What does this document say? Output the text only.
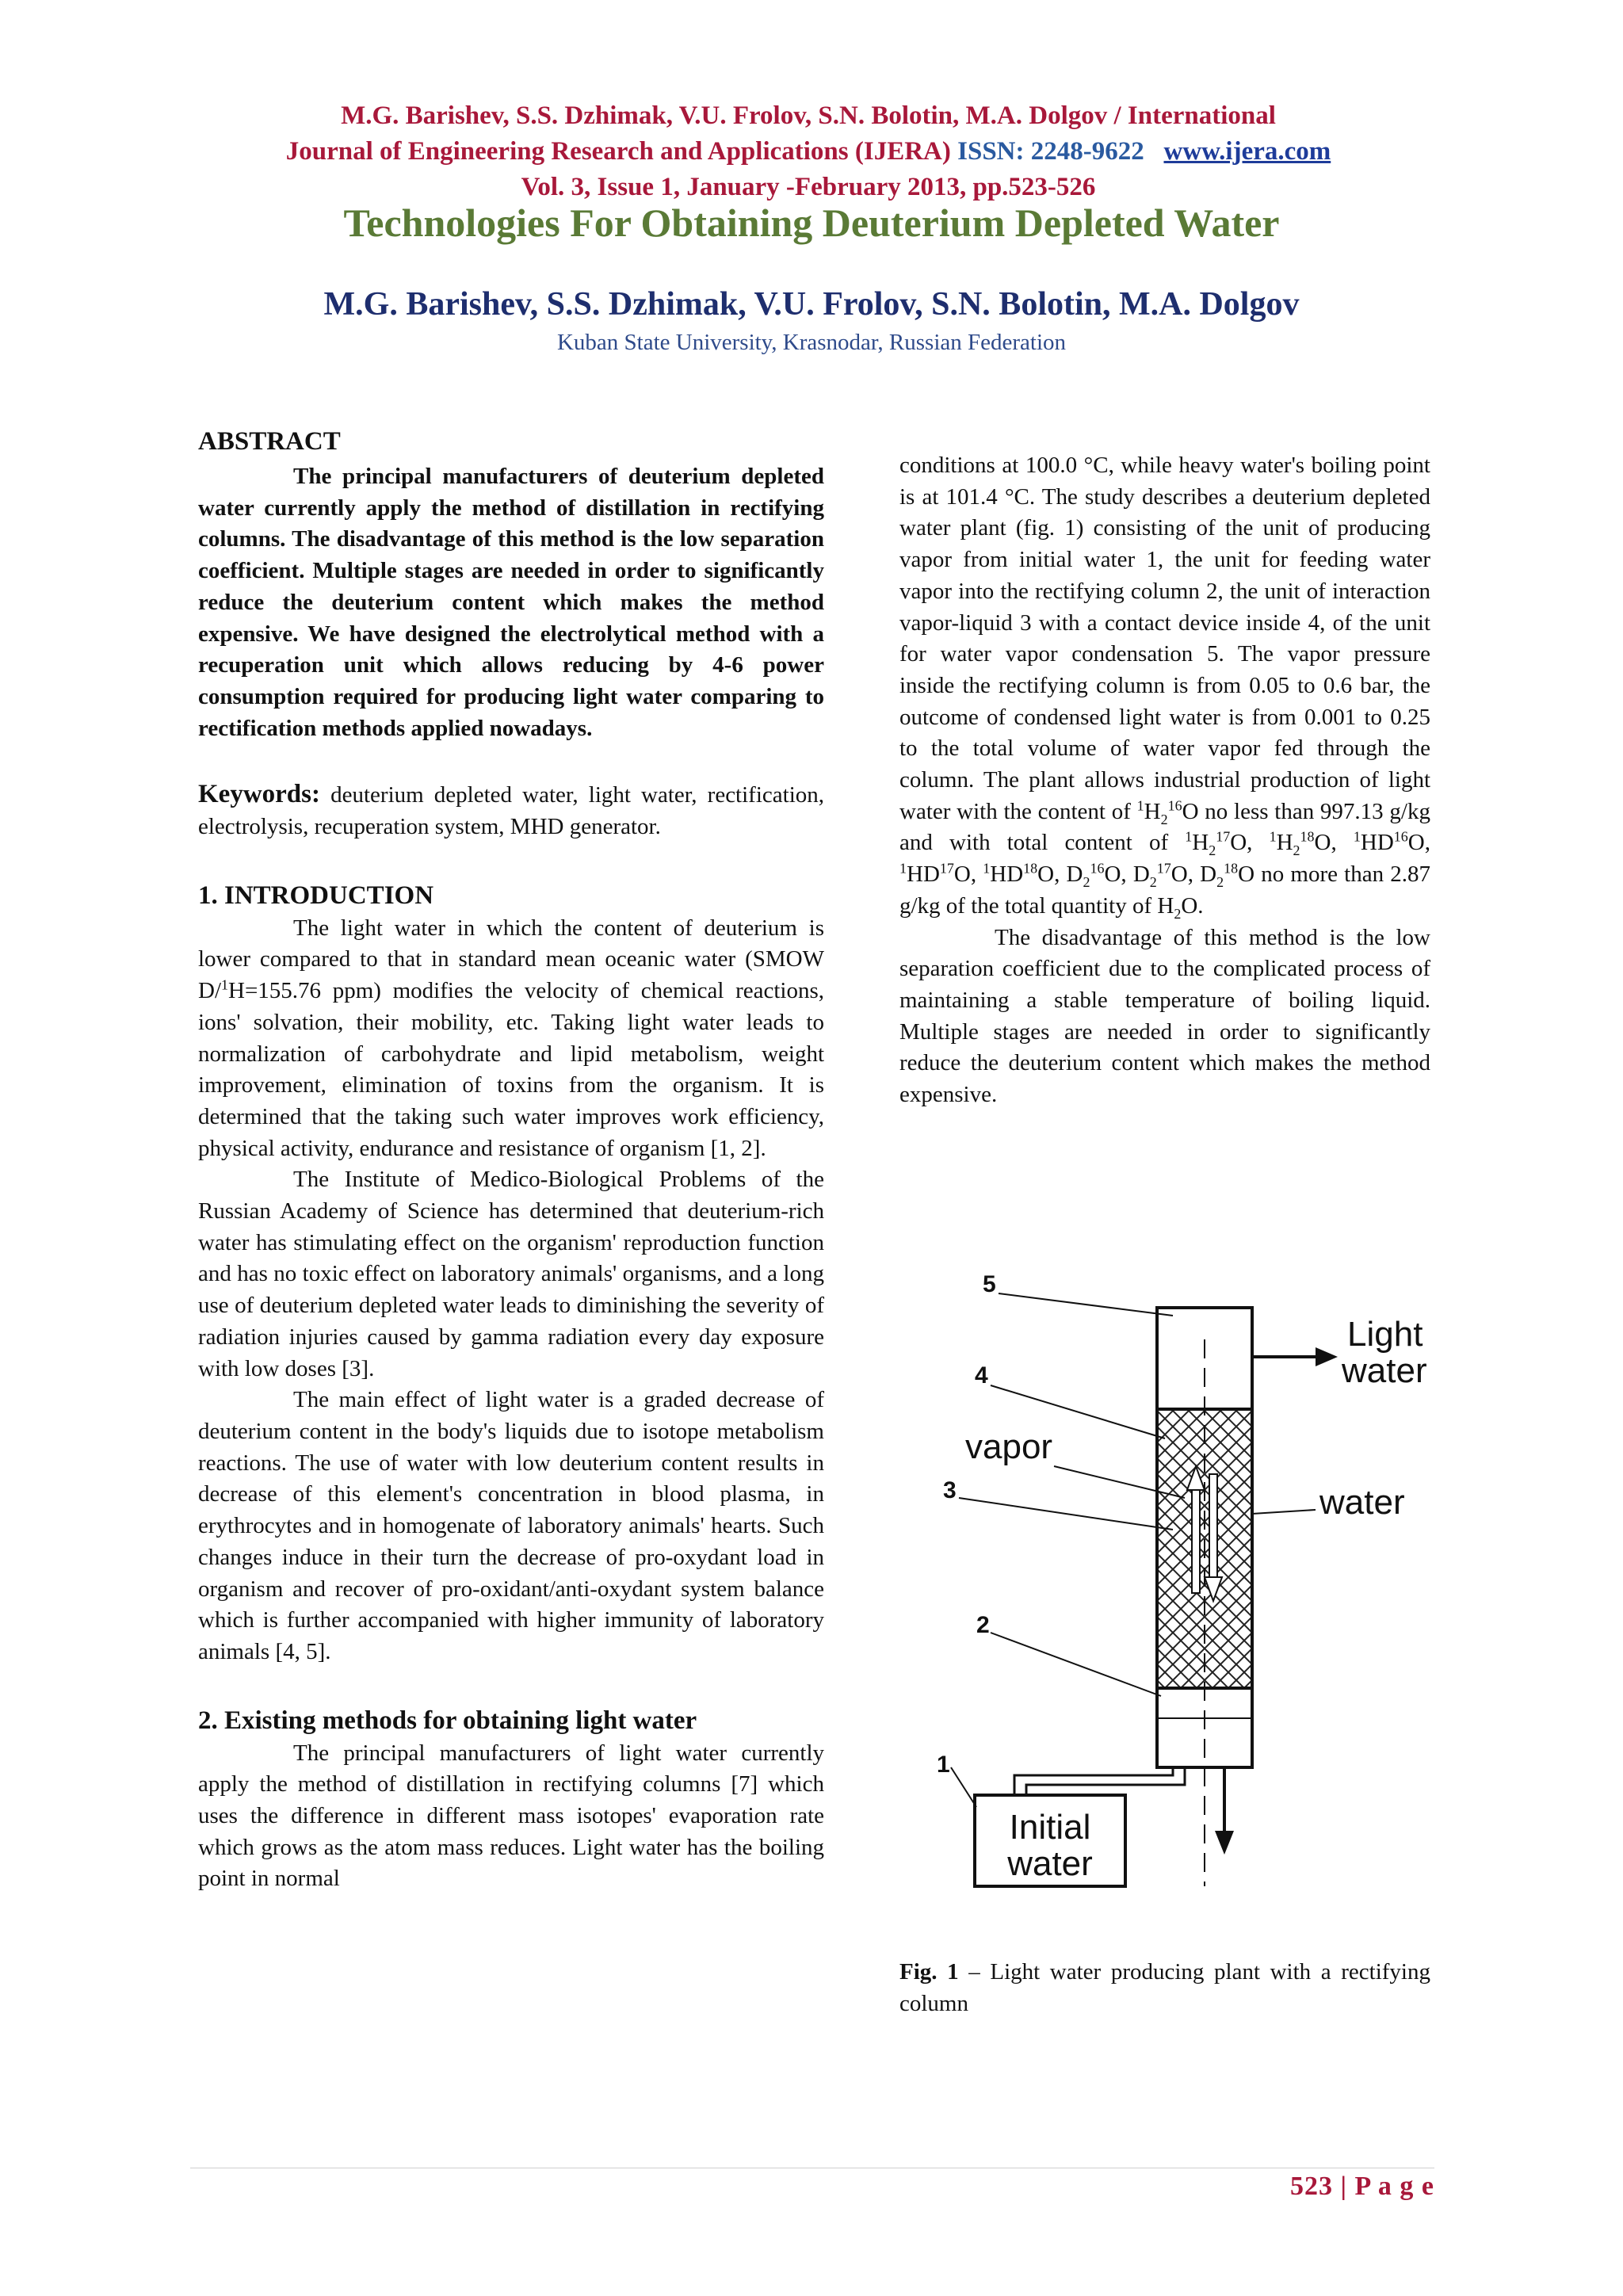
M.G. Barishev, S.S. Dzhimak, V.U. Frolov, S.N. Bolotin, M.A. Dolgov / International
Journal of Engineering Research and Applications (IJERA) ISSN: 2248-9622 www.ijera.com
Vol. 3, Issue 1, January -February 2013, pp.523-526
Technologies For Obtaining Deuterium Depleted Water
M.G. Barishev, S.S. Dzhimak, V.U. Frolov, S.N. Bolotin, M.A. Dolgov
Kuban State University, Krasnodar, Russian Federation
ABSTRACT

The principal manufacturers of deuterium depleted water currently apply the method of distillation in rectifying columns. The disadvantage of this method is the low separation coefficient. Multiple stages are needed in order to significantly reduce the deuterium content which makes the method expensive. We have designed the electrolytical method with a recuperation unit which allows reducing by 4-6 power consumption required for producing light water comparing to rectification methods applied nowadays.

Keywords: deuterium depleted water, light water, rectification, electrolysis, recuperation system, MHD generator.

1. INTRODUCTION

The light water in which the content of deuterium is lower compared to that in standard mean oceanic water (SMOW D/$^1$H=155.76 ppm) modifies the velocity of chemical reactions, ions' solvation, their mobility, etc. Taking light water leads to normalization of carbohydrate and lipid metabolism, weight improvement, elimination of toxins from the organism. It is determined that the taking such water improves work efficiency, physical activity, endurance and resistance of organism [1, 2].

The Institute of Medico-Biological Problems of the Russian Academy of Science has determined that deuterium-rich water has stimulating effect on the organism' reproduction function and has no toxic effect on laboratory animals' organisms, and a long use of deuterium depleted water leads to diminishing the severity of radiation injuries caused by gamma radiation every day exposure with low doses [3].

The main effect of light water is a graded decrease of deuterium content in the body's liquids due to isotope metabolism reactions. The use of water with low deuterium content results in decrease of this element's concentration in blood plasma, in erythrocytes and in homogenate of laboratory animals' hearts. Such changes induce in their turn the decrease of pro-oxydant load in organism and recover of pro-oxidant/anti-oxydant system balance which is further accompanied with higher immunity of laboratory animals [4, 5].

2. Existing methods for obtaining light water

The principal manufacturers of light water currently apply the method of distillation in rectifying columns [7] which uses the difference in different mass isotopes' evaporation rate which grows as the atom mass reduces. Light water has the boiling point in normal

conditions at 100.0 °C, while heavy water's boiling point is at 101.4 °C. The study describes a deuterium depleted water plant (fig. 1) consisting of the unit of producing vapor from initial water 1, the unit for feeding water vapor into the rectifying column 2, the unit of interaction vapor-liquid 3 with a contact device inside 4, of the unit for water vapor condensation 5. The vapor pressure inside the rectifying column is from 0.05 to 0.6 bar, the outcome of condensed light water is from 0.001 to 0.25 to the total volume of water vapor fed through the column. The plant allows industrial production of light water with the content of $^1H_2^{16}O$ no less than 997.13 g/kg and with total content of $^1H_2^{17}O$, $^1H_2^{18}O$, $^1$HD$^{16}$O, $^1$HD$^{17}$O, $^1$HD$^{18}$O, $D_2^{16}O$, $D_2^{17}O$, $D_2^{18}O$ no more than 2.87 g/kg of the total quantity of $H_2O$.

The disadvantage of this method is the low separation coefficient due to the complicated process of maintaining a stable temperature of boiling liquid. Multiple stages are needed in order to significantly reduce the deuterium content which makes the method expensive.

5
4
3
2
1
Light
water
vapor
water
Initial
water
Fig. 1 – Light water producing plant with a rectifying column
523 | P a g e
